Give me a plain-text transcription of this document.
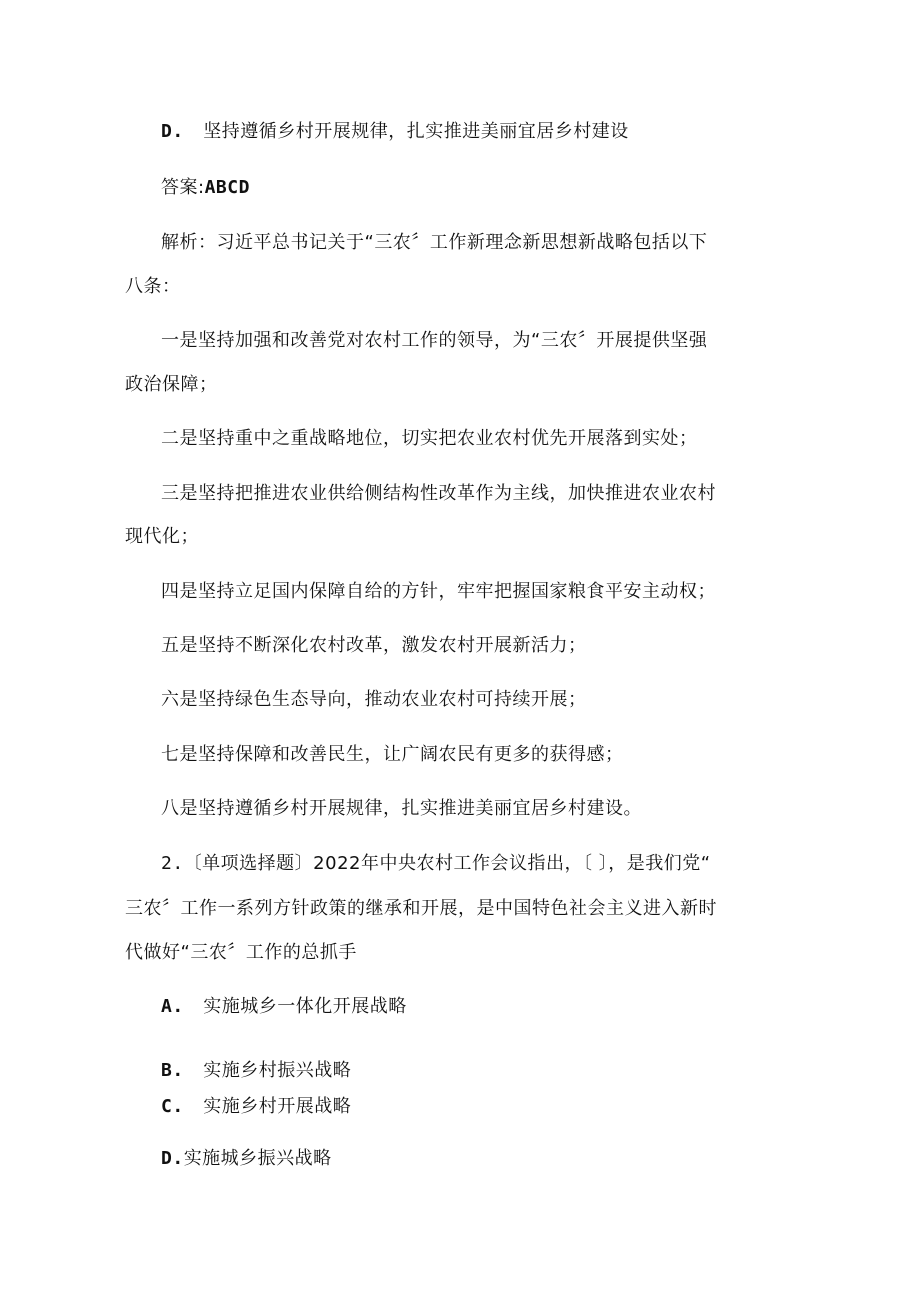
D. 坚持遵循乡村开展规律，扎实推进美丽宜居乡村建设
答案:ABCD
解析：习近平总书记关于“三农〞工作新理念新思想新战略包括以下
八条：
一是坚持加强和改善党对农村工作的领导，为“三农〞开展提供坚强
政治保障；
二是坚持重中之重战略地位，切实把农业农村优先开展落到实处；
三是坚持把推进农业供给侧结构性改革作为主线，加快推进农业农村
现代化；
四是坚持立足国内保障自给的方针，牢牢把握国家粮食平安主动权；
五是坚持不断深化农村改革，激发农村开展新活力；
六是坚持绿色生态导向，推动农业农村可持续开展；
七是坚持保障和改善民生，让广阔农民有更多的获得感；
八是坚持遵循乡村开展规律，扎实推进美丽宜居乡村建设。
2.〔单项选择题〕2022年中央农村工作会议指出，〔 〕，是我们党“
三农〞工作一系列方针政策的继承和开展，是中国特色社会主义进入新时
代做好“三农〞工作的总抓手
A. 实施城乡一体化开展战略
B. 实施乡村振兴战略
C. 实施乡村开展战略
D.实施城乡振兴战略
